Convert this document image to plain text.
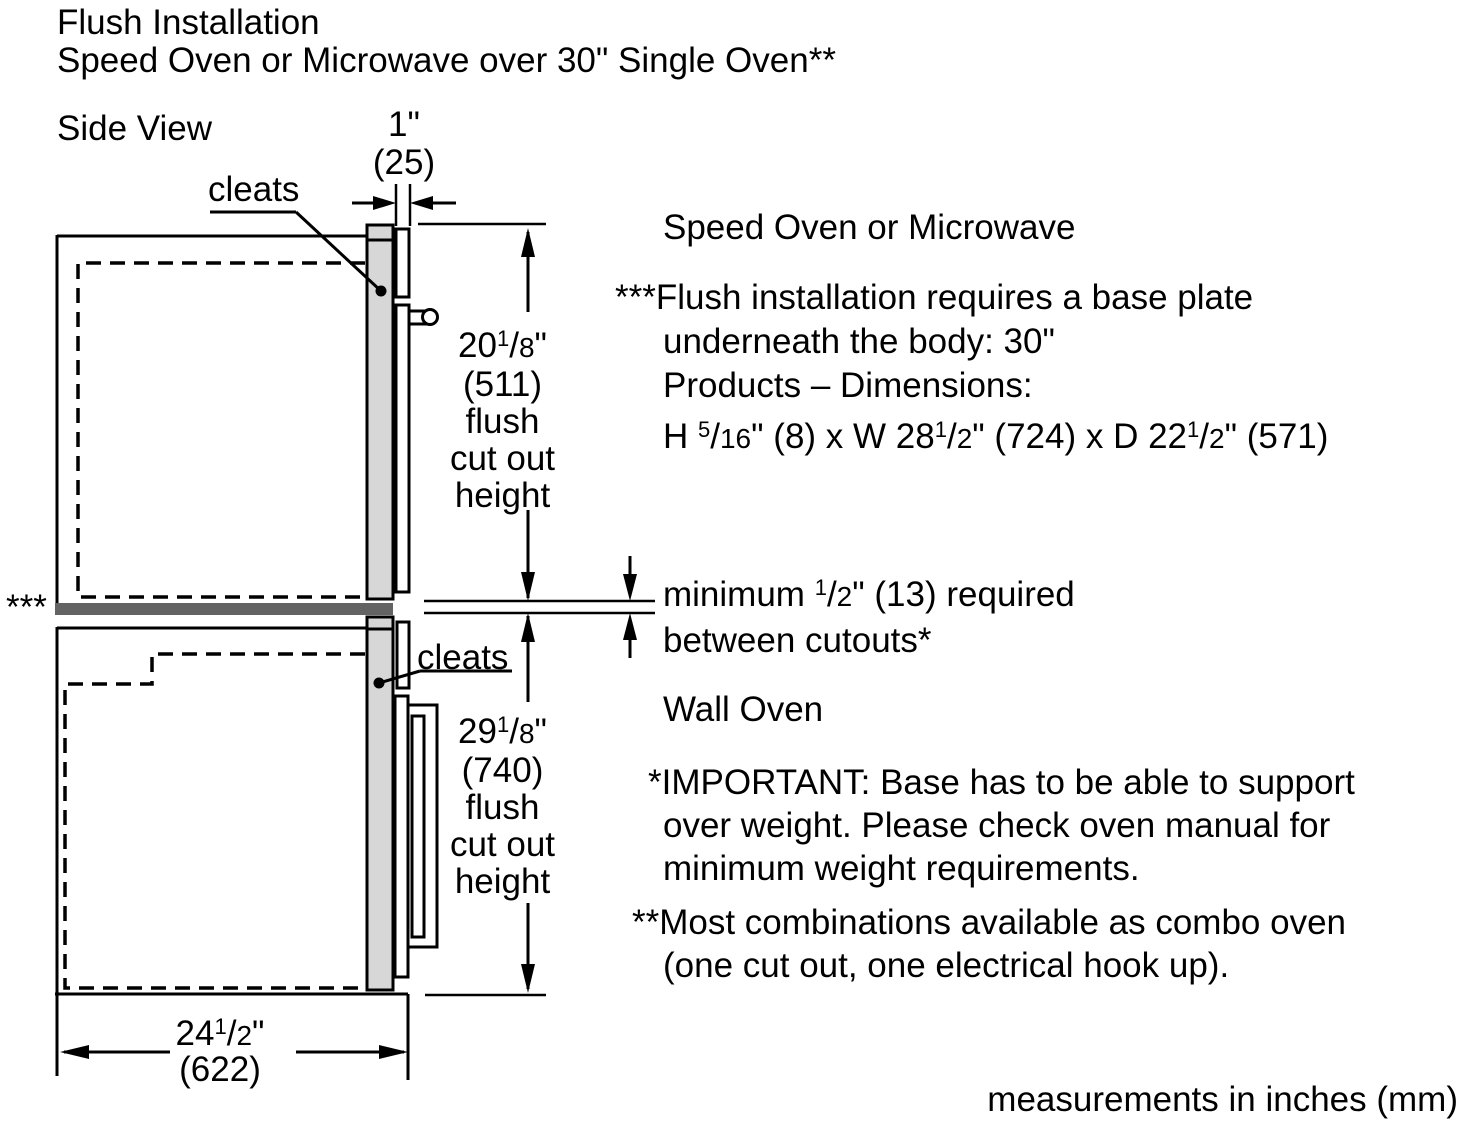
Flush Installation
Speed Oven or Microwave over 30" Single Oven**
Side View	1"
(25)
cleats
cleats
***
$20^1/8$"
(511)
flush
cut out
height
$29^1/8$"
(740)
flush
cut out
height
$24^1/2$"
(622)
Speed Oven or Microwave
***Flush installation requires a base plate
underneath the body: 30"
Products – Dimensions:
H $^5$/16" (8) x W $28^1/2$" (724) x D $22^1/2$" (571)
minimum $^1$/2" (13) required
between cutouts*
Wall Oven
*IMPORTANT: Base has to be able to support
over weight. Please check oven manual for
minimum weight requirements.
**Most combinations available as combo oven
(one cut out, one electrical hook up).
measurements in inches (mm)
